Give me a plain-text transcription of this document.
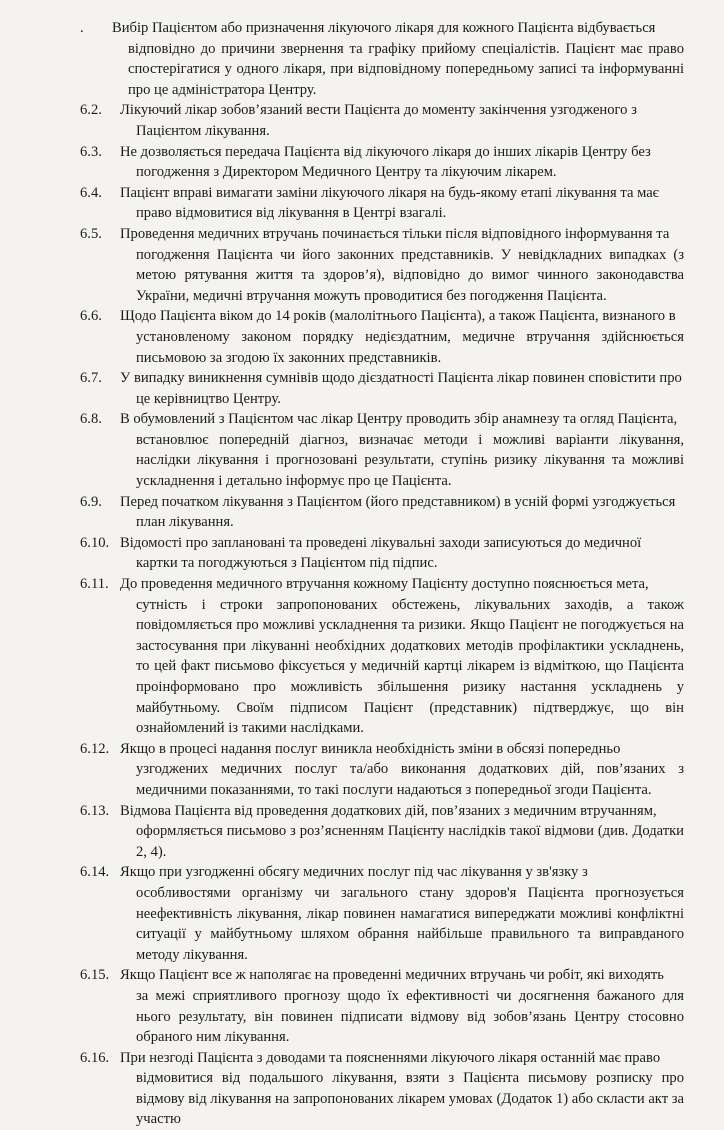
.	Вибір Пацієнтом або призначення лікуючого лікаря для кожного Пацієнта відбувається
відповідно до причини звернення та графіку прийому спеціалістів. Пацієнт має право спостерігатися у одного лікаря, при відповідному попередньому записі та інформуванні про це адміністратора Центру.
6.2.	Лікуючий лікар зобов’язаний вести Пацієнта до моменту закінчення узгодженого з
Пацієнтом лікування.
6.3.	Не дозволяється передача Пацієнта від лікуючого лікаря до інших лікарів Центру без
погодження з Директором Медичного Центру та лікуючим лікарем.
6.4.	Пацієнт вправі вимагати заміни лікуючого лікаря на будь-якому етапі лікування та має
право відмовитися від лікування в Центрі взагалі.
6.5.	Проведення медичних втручань починається тільки після відповідного інформування та
погодження Пацієнта чи його законних представників. У невідкладних випадках (з метою рятування життя та здоров’я), відповідно до вимог чинного законодавства України, медичні втручання можуть проводитися без погодження Пацієнта.
6.6.	Щодо Пацієнта віком до 14 років (малолітнього Пацієнта), а також Пацієнта, визнаного в
установленому законом порядку недієздатним, медичне втручання здійснюється письмовою за згодою їх законних представників.
6.7.	У випадку виникнення сумнівів щодо дієздатності Пацієнта лікар повинен сповістити про
це керівництво Центру.
6.8.	В обумовлений з Пацієнтом час лікар Центру проводить збір анамнезу та огляд Пацієнта,
встановлює попередній діагноз, визначає методи і можливі варіанти лікування, наслідки лікування і прогнозовані результати, ступінь ризику лікування та можливі ускладнення і детально інформує про це Пацієнта.
6.9.	Перед початком лікування з Пацієнтом (його представником) в усній формі узгоджується
план лікування.
6.10. Відомості про заплановані та проведені лікувальні заходи записуються до медичної
картки та погоджуються з Пацієнтом під підпис.
6.11. До проведення медичного втручання кожному Пацієнту доступно пояснюється мета,
сутність і строки запропонованих обстежень, лікувальних заходів, а також повідомляється про можливі ускладнення та ризики. Якщо Пацієнт не погоджується на застосування при лікуванні необхідних додаткових методів профілактики ускладнень, то цей факт письмово фіксується у медичній картці лікарем із відміткою, що Пацієнта проінформовано про можливість збільшення ризику настання ускладнень у майбутньому. Своїм підписом Пацієнт (представник) підтверджує, що він ознайомлений із такими наслідками.
6.12. Якщо в процесі надання послуг виникла необхідність зміни в обсязі попередньо
узгоджених медичних послуг та/або виконання додаткових дій, пов’язаних з медичними показаннями, то такі послуги надаються з попередньої згоди Пацієнта.
6.13. Відмова Пацієнта від проведення додаткових дій, пов’язаних з медичним втручанням,
оформляється письмово з роз’ясненням Пацієнту наслідків такої відмови (див. Додатки 2, 4).
6.14. Якщо при узгодженні обсягу медичних послуг під час лікування у зв'язку з
особливостями організму чи загального стану здоров'я Пацієнта прогнозується неефективність лікування, лікар повинен намагатися випереджати можливі конфліктні ситуації у майбутньому шляхом обрання найбільше правильного та виправданого методу лікування.
6.15. Якщо Пацієнт все ж наполягає на проведенні медичних втручань чи робіт, які виходять
за межі сприятливого прогнозу щодо їх ефективності чи досягнення бажаного для нього результату, він повинен підписати відмову від зобов’язань Центру стосовно обраного ним лікування.
6.16. При незгоді Пацієнта з доводами та поясненнями лікуючого лікаря останній має право
відмовитися від подальшого лікування, взяти з Пацієнта письмову розписку про відмову від лікування на запропонованих лікарем умовах (Додаток 1) або скласти акт за участю
